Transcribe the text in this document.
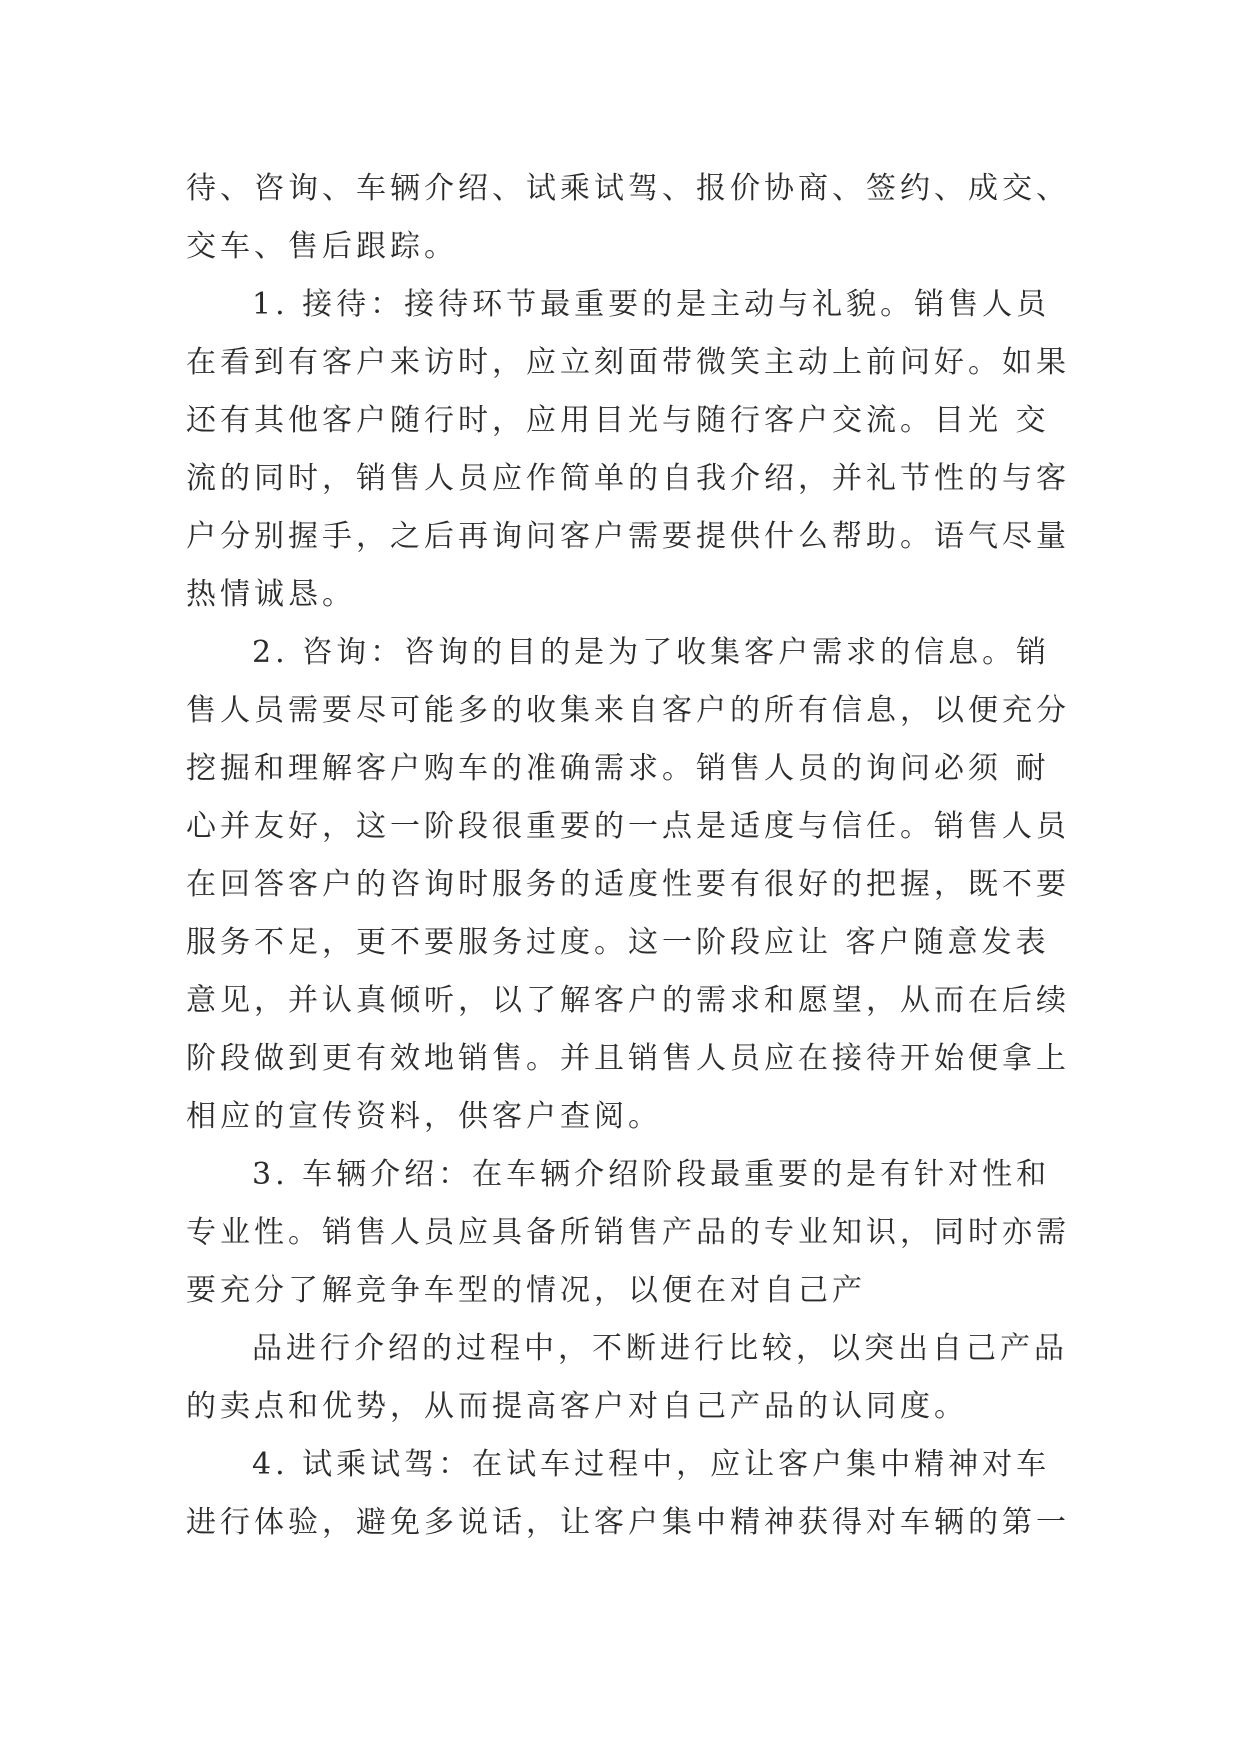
待、咨询、车辆介绍、试乘试驾、报价协商、签约、成交、
交车、售后跟踪。
1. 接待：接待环节最重要的是主动与礼貌。销售人员
在看到有客户来访时，应立刻面带微笑主动上前问好。如果
还有其他客户随行时，应用目光与随行客户交流。目光 交
流的同时，销售人员应作简单的自我介绍，并礼节性的与客
户分别握手，之后再询问客户需要提供什么帮助。语气尽量
热情诚恳。
2. 咨询：咨询的目的是为了收集客户需求的信息。销
售人员需要尽可能多的收集来自客户的所有信息，以便充分
挖掘和理解客户购车的准确需求。销售人员的询问必须 耐
心并友好，这一阶段很重要的一点是适度与信任。销售人员
在回答客户的咨询时服务的适度性要有很好的把握，既不要
服务不足，更不要服务过度。这一阶段应让 客户随意发表
意见，并认真倾听，以了解客户的需求和愿望，从而在后续
阶段做到更有效地销售。并且销售人员应在接待开始便拿上
相应的宣传资料，供客户查阅。
3. 车辆介绍：在车辆介绍阶段最重要的是有针对性和
专业性。销售人员应具备所销售产品的专业知识，同时亦需
要充分了解竞争车型的情况，以便在对自己产
品进行介绍的过程中，不断进行比较，以突出自己产品
的卖点和优势，从而提高客户对自己产品的认同度。
4. 试乘试驾：在试车过程中，应让客户集中精神对车
进行体验，避免多说话，让客户集中精神获得对车辆的第一
